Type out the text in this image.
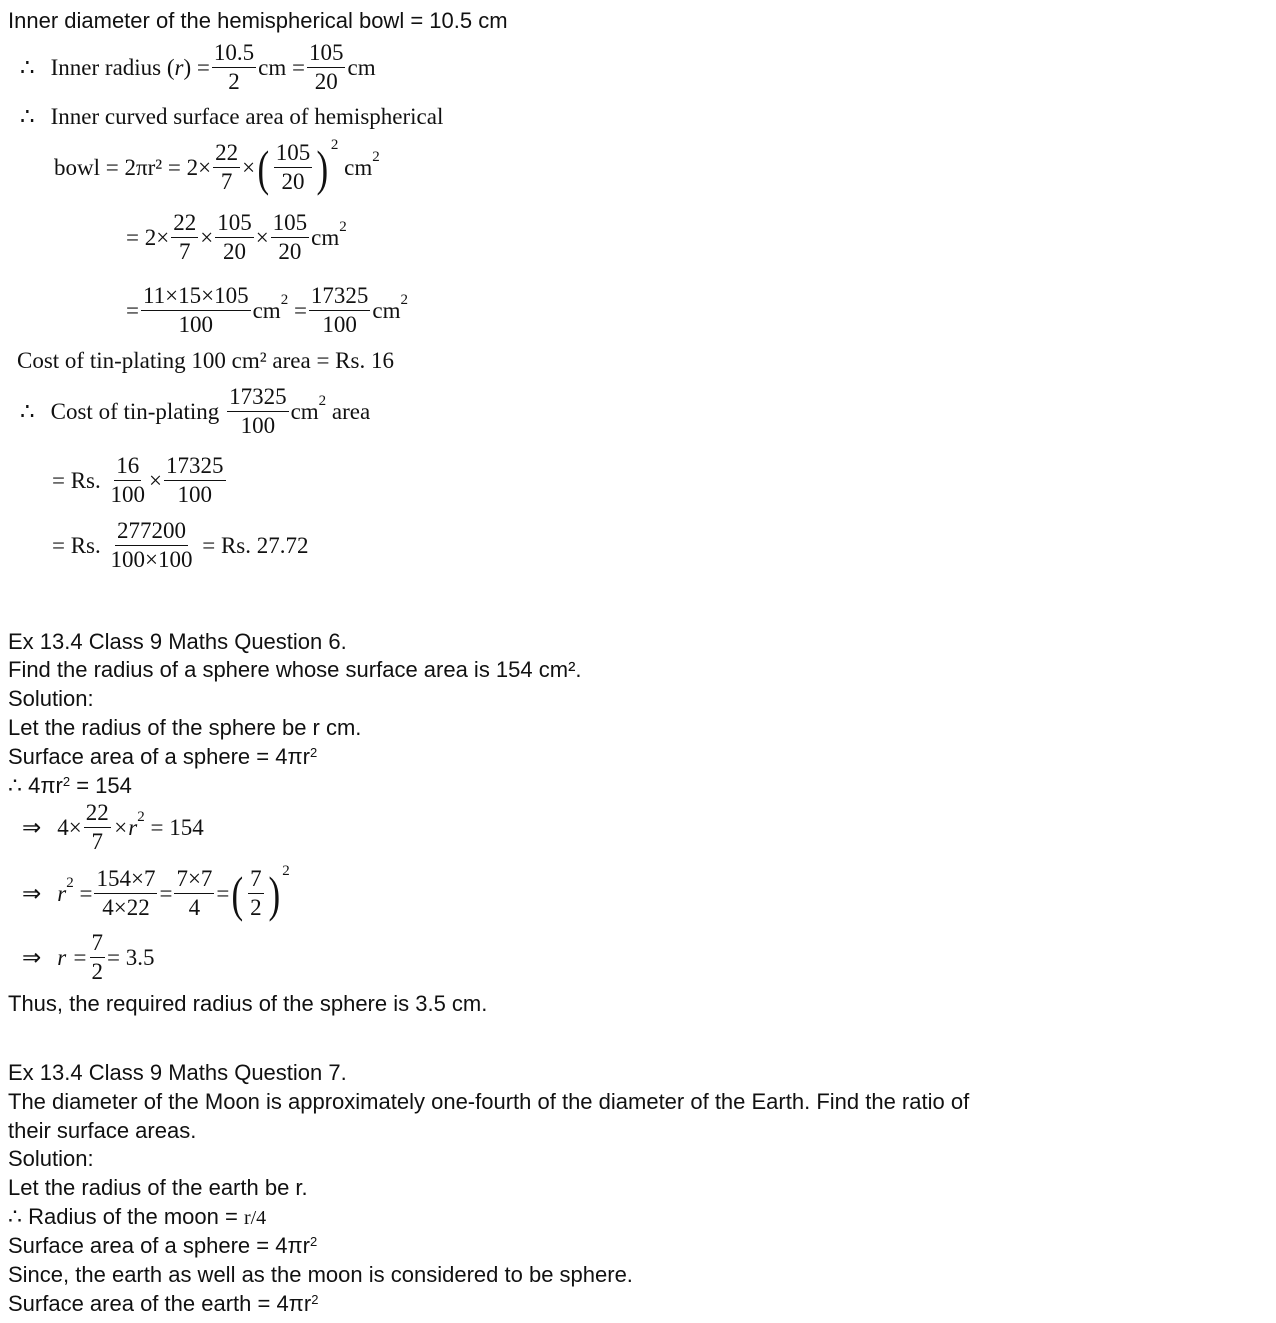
Inner diameter of the hemispherical bowl = 10.5 cm
∴ Inner radius ( r ) = $\frac{10.5}{2}$ cm
= $\frac{105}{20}$ cm
∴ Inner curved surface area of hemispherical
bowl = $2\pi r^2 = 2\times \frac{22}{7}$ × ( $\frac{105}{20}$ ) 2

cm 2
= $2\times \frac{22}{7} \times \frac{105}{20} \times \frac{105}{20}$ cm 2
= $\frac{11\times 15\times 105}{100}$ cm 2
= $\frac{17325}{100}$ cm 2
Cost of tin-plating 100 cm² area = Rs. 16
∴ Cost of tin-plating
$\frac{17325}{100}$ cm 2
area
= Rs.
$\frac{16}{100} \times \frac{17325}{100}$
= Rs.
$\frac{277200}{100\times 100}$
= Rs. 27.72
Ex 13.4 Class 9 Maths Question 6.
Find the radius of a sphere whose surface area is 154 cm².
Solution:
Let the radius of the sphere be r cm.
Surface area of a sphere = $4\pi r^2$
∴ $4\pi r^2 = 154$
⇒ $4\times \frac{22}{7} \times r$ 2
= 154
⇒ r 2
= $\frac{154\times 7}{4\times 22} = \frac{7\times 7}{4}$ = ( $\frac{7}{2}$ ) 2
⇒ $r = \frac{7}{2} = 3.5$
Thus, the required radius of the sphere is 3.5 cm.
Ex 13.4 Class 9 Maths Question 7.
The diameter of the Moon is approximately one-fourth of the diameter of the Earth. Find the ratio of
their surface areas.
Solution:
Let the radius of the earth be r.
∴ Radius of the moon = r/4
Surface area of a sphere = $4\pi r^2$
Since, the earth as well as the moon is considered to be sphere.
Surface area of the earth = $4\pi r^2$
